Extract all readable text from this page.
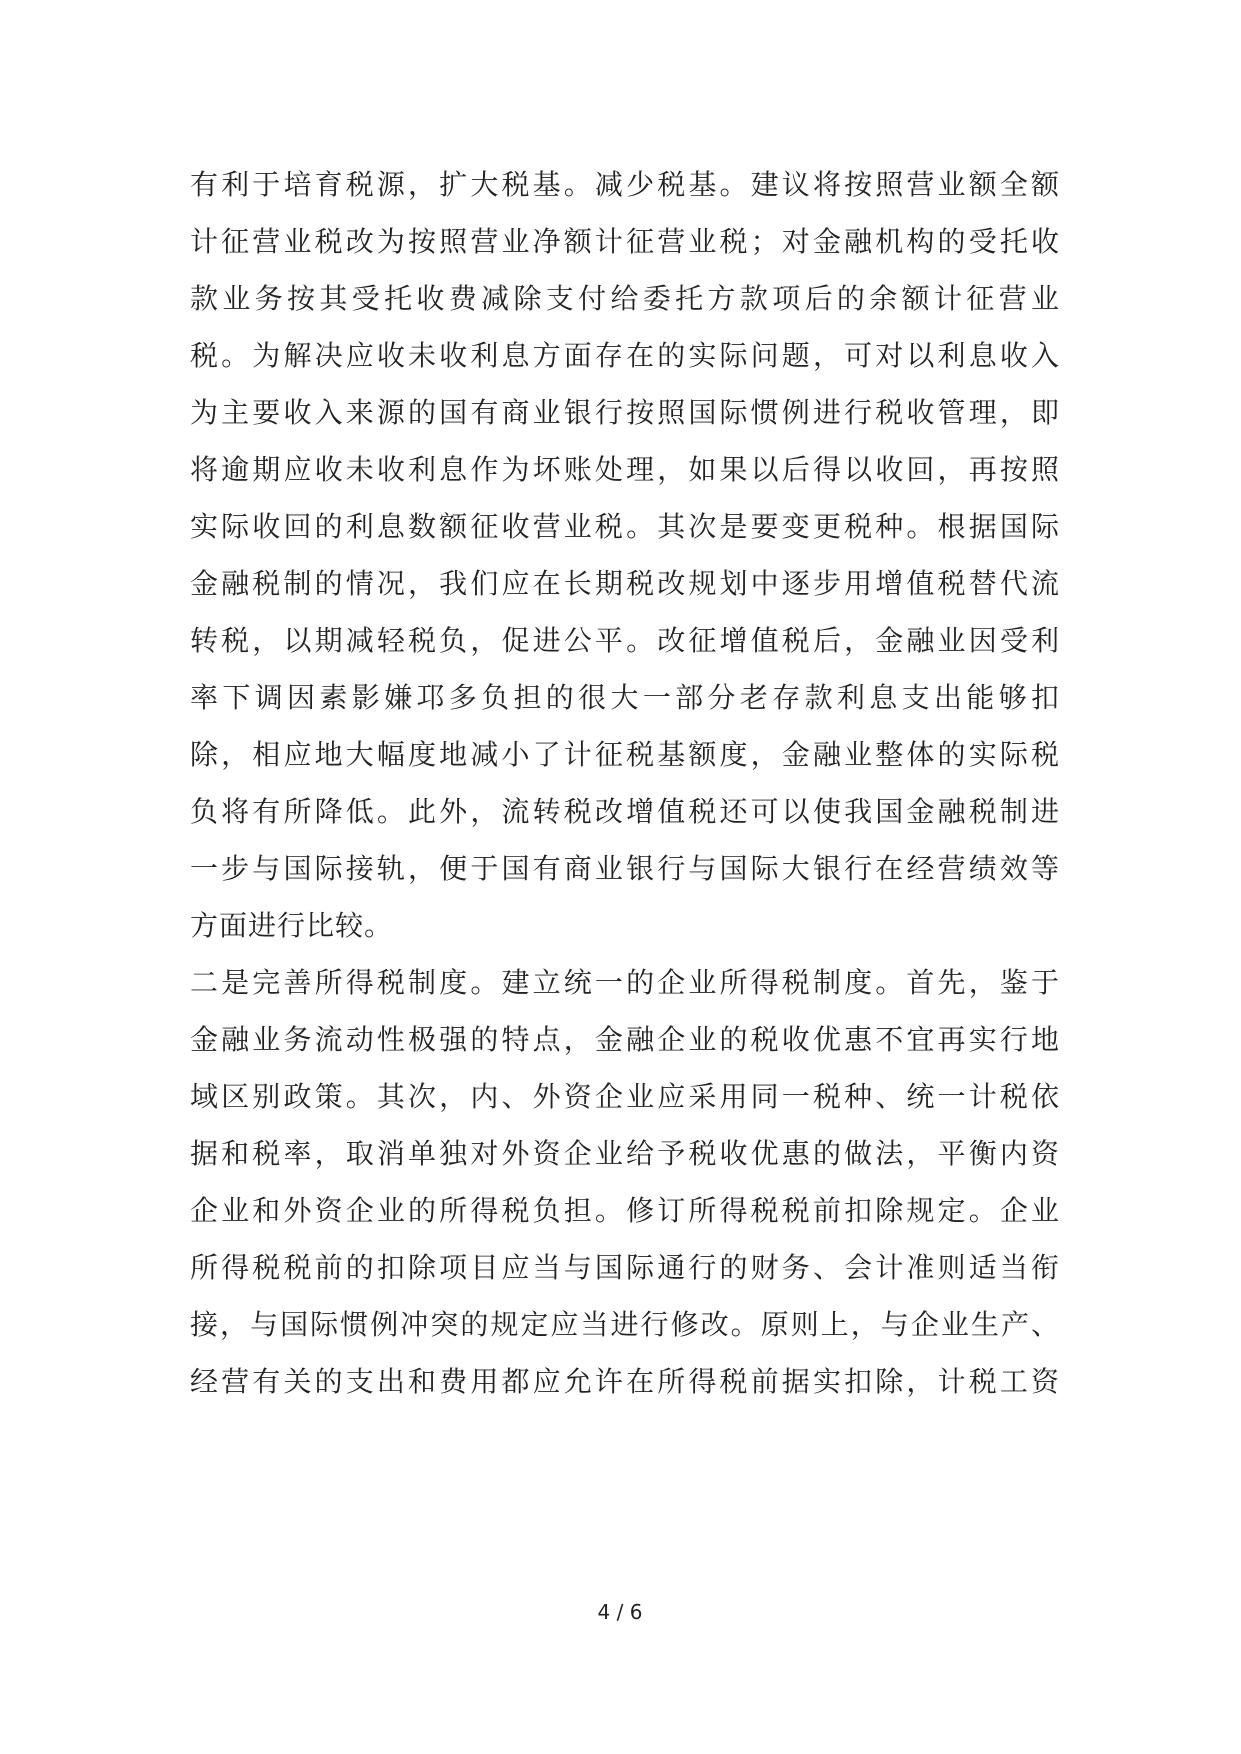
有利于培育税源，扩大税基。减少税基。建议将按照营业额全额
计征营业税改为按照营业净额计征营业税；对金融机构的受托收
款业务按其受托收费减除支付给委托方款项后的余额计征营业
税。为解决应收未收利息方面存在的实际问题，可对以利息收入
为主要收入来源的国有商业银行按照国际惯例进行税收管理，即
将逾期应收未收利息作为坏账处理，如果以后得以收回，再按照
实际收回的利息数额征收营业税。其次是要变更税种。根据国际
金融税制的情况，我们应在长期税改规划中逐步用增值税替代流
转税，以期减轻税负，促进公平。改征增值税后，金融业因受利
率下调因素影嫌邛多负担的很大一部分老存款利息支出能够扣
除，相应地大幅度地减小了计征税基额度，金融业整体的实际税
负将有所降低。此外，流转税改增值税还可以使我国金融税制进
一步与国际接轨，便于国有商业银行与国际大银行在经营绩效等
方面进行比较。
二是完善所得税制度。建立统一的企业所得税制度。首先，鉴于
金融业务流动性极强的特点，金融企业的税收优惠不宜再实行地
域区别政策。其次，内、外资企业应采用同一税种、统一计税依
据和税率，取消单独对外资企业给予税收优惠的做法，平衡内资
企业和外资企业的所得税负担。修订所得税税前扣除规定。企业
所得税税前的扣除项目应当与国际通行的财务、会计准则适当衔
接，与国际惯例冲突的规定应当进行修改。原则上，与企业生产、
经营有关的支出和费用都应允许在所得税前据实扣除，计税工资
4 / 6
